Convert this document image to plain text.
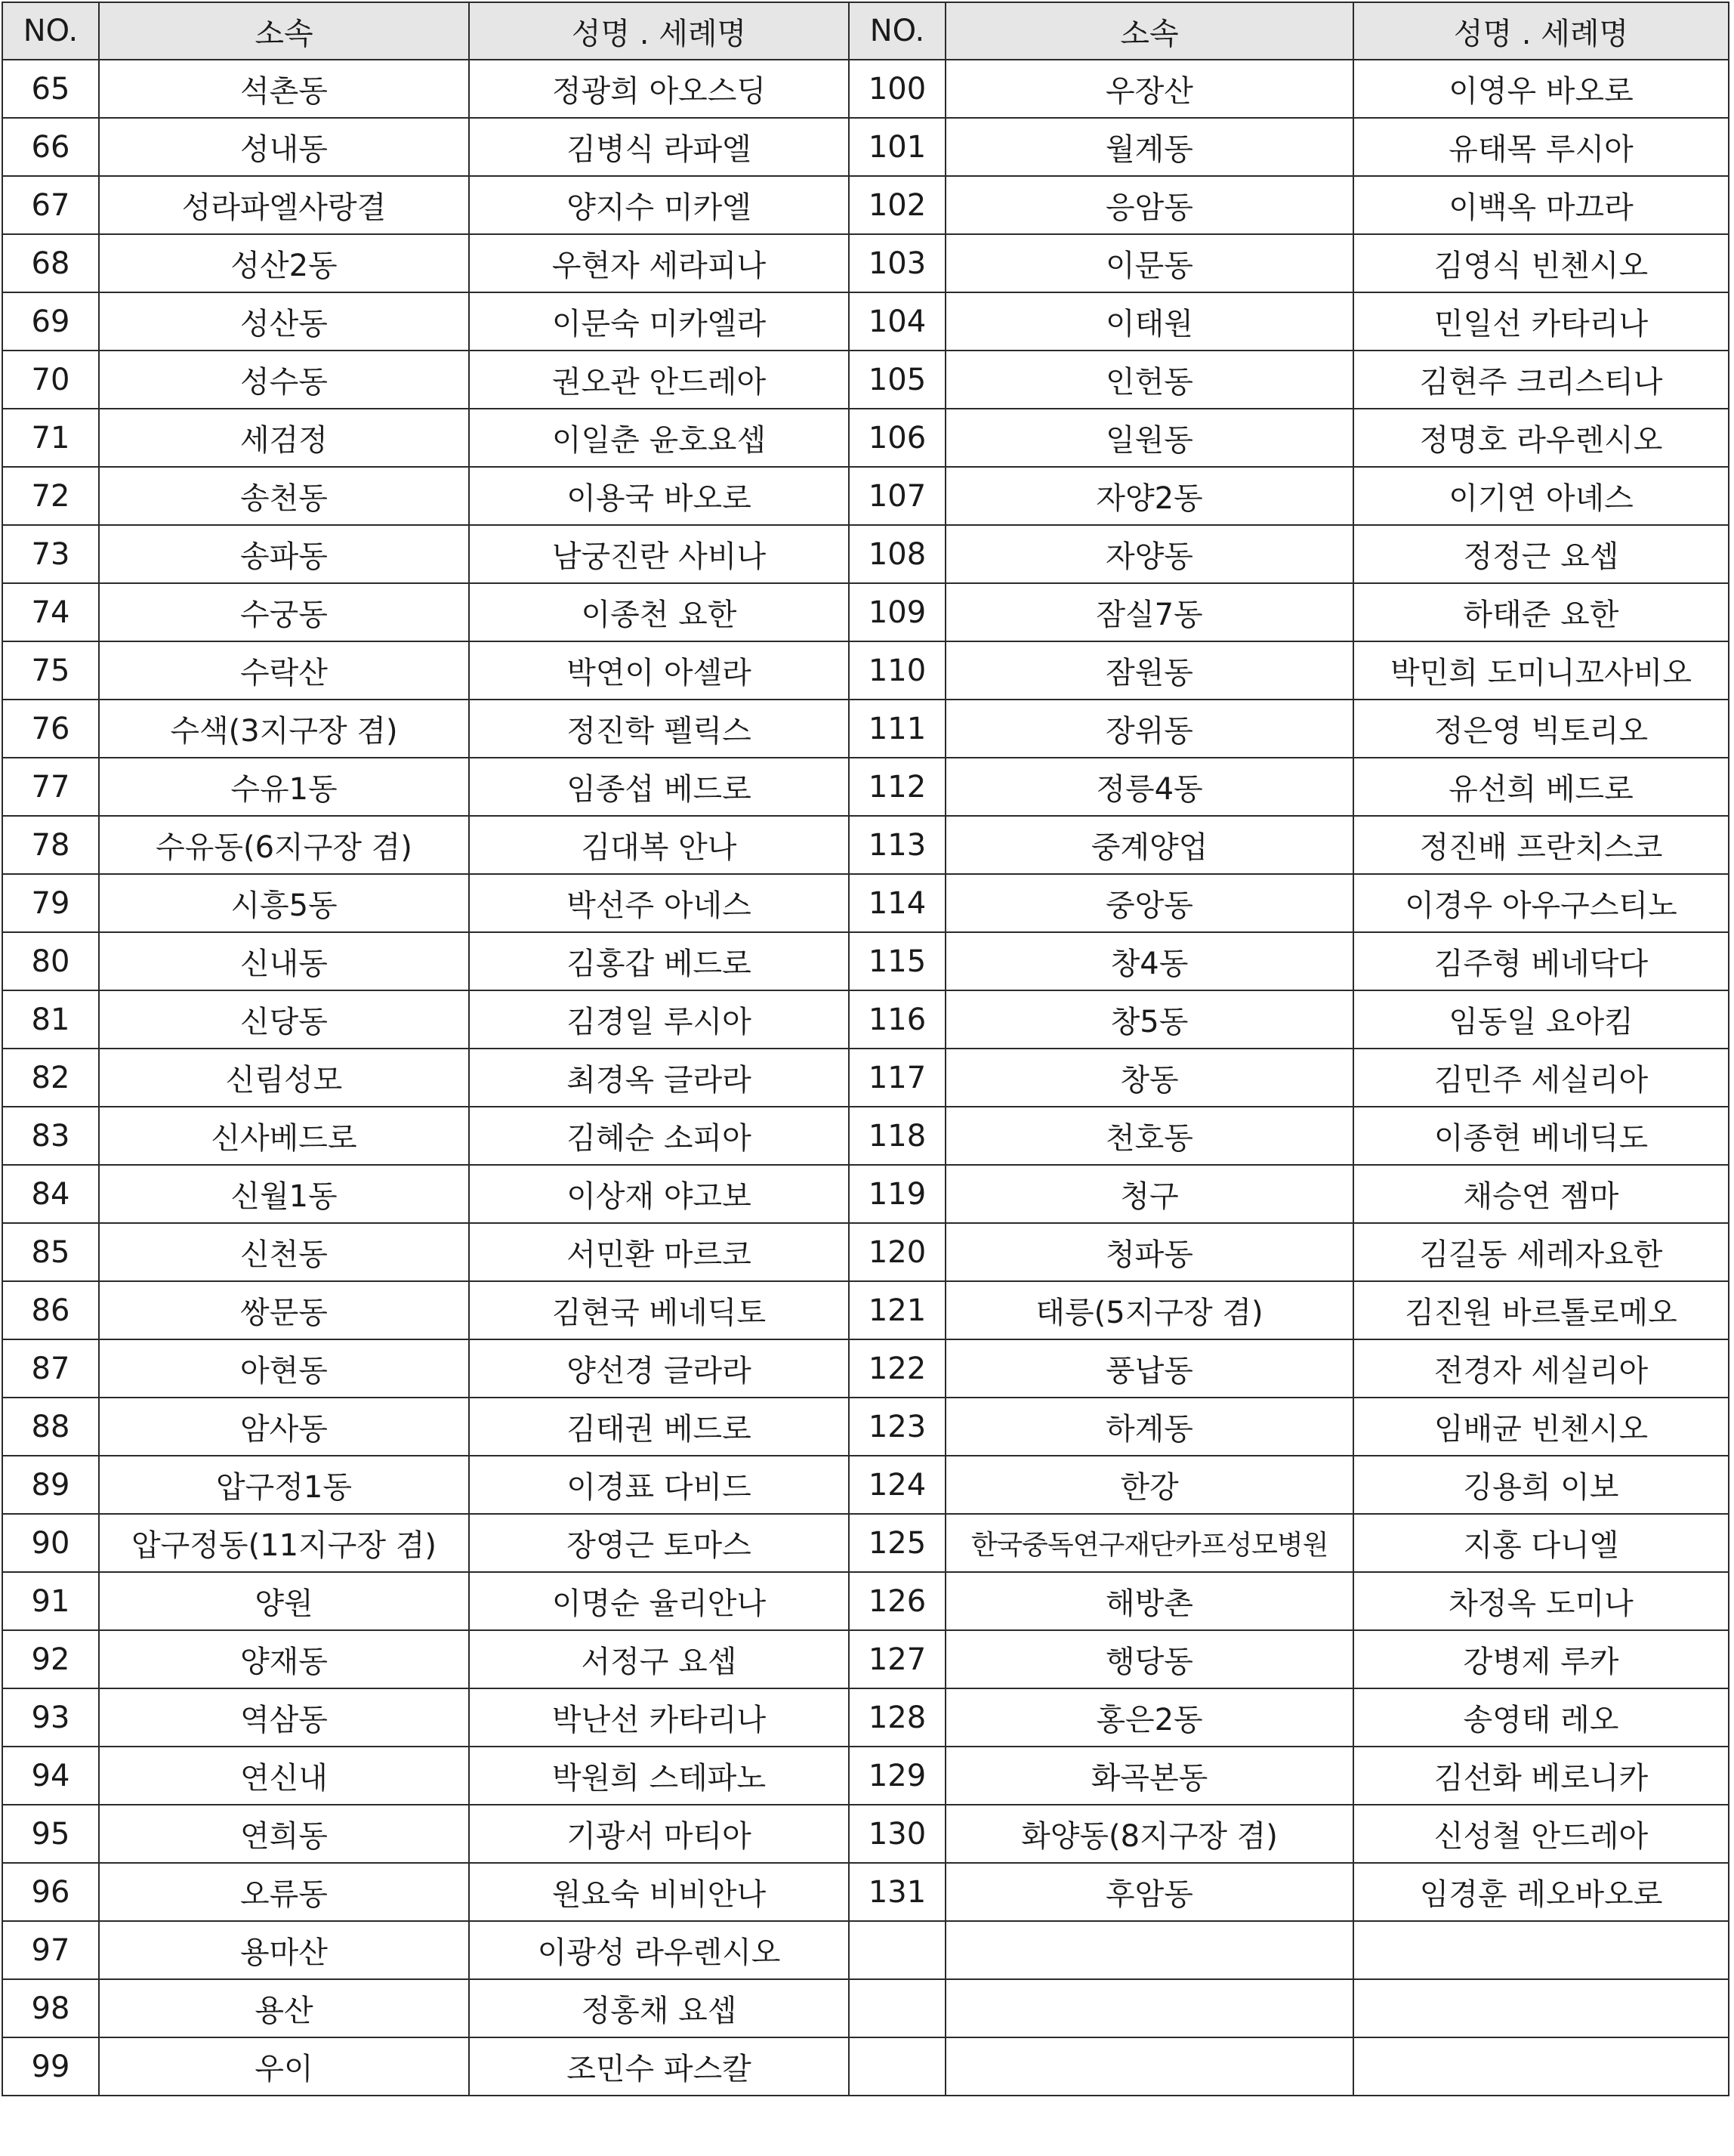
NO.	소속	성명 . 세례명	NO.	소속	성명 . 세례명
65	석촌동	정광희 아오스딩	100	우장산	이영우 바오로
66	성내동	김병식 라파엘	101	월계동	유태목 루시아
67	성라파엘사랑결	양지수 미카엘	102	응암동	이백옥 마끄라
68	성산2동	우현자 세라피나	103	이문동	김영식 빈첸시오
69	성산동	이문숙 미카엘라	104	이태원	민일선 카타리나
70	성수동	권오관 안드레아	105	인헌동	김현주 크리스티나
71	세검정	이일춘 윤호요셉	106	일원동	정명호 라우렌시오
72	송천동	이용국 바오로	107	자양2동	이기연 아녜스
73	송파동	남궁진란 사비나	108	자양동	정정근 요셉
74	수궁동	이종천 요한	109	잠실7동	하태준 요한
75	수락산	박연이 아셀라	110	잠원동	박민희 도미니꼬사비오
76	수색(3지구장 겸)	정진학 펠릭스	111	장위동	정은영 빅토리오
77	수유1동	임종섭 베드로	112	정릉4동	유선희 베드로
78	수유동(6지구장 겸)	김대복 안나	113	중계양업	정진배 프란치스코
79	시흥5동	박선주 아네스	114	중앙동	이경우 아우구스티노
80	신내동	김홍갑 베드로	115	창4동	김주형 베네닥다
81	신당동	김경일 루시아	116	창5동	임동일 요아킴
82	신림성모	최경옥 글라라	117	창동	김민주 세실리아
83	신사베드로	김혜순 소피아	118	천호동	이종현 베네딕도
84	신월1동	이상재 야고보	119	청구	채승연 젬마
85	신천동	서민환 마르코	120	청파동	김길동 세레자요한
86	쌍문동	김현국 베네딕토	121	태릉(5지구장 겸)	김진원 바르톨로메오
87	아현동	양선경 글라라	122	풍납동	전경자 세실리아
88	암사동	김태권 베드로	123	하계동	임배균 빈첸시오
89	압구정1동	이경표 다비드	124	한강	깅용희 이보
90	압구정동(11지구장 겸)	장영근 토마스	125	한국중독연구재단카프성모병원	지홍 다니엘
91	양원	이명순 율리안나	126	해방촌	차정옥 도미나
92	양재동	서정구 요셉	127	행당동	강병제 루카
93	역삼동	박난선 카타리나	128	홍은2동	송영태 레오
94	연신내	박원희 스테파노	129	화곡본동	김선화 베로니카
95	연희동	기광서 마티아	130	화양동(8지구장 겸)	신성철 안드레아
96	오류동	원요숙 비비안나	131	후암동	임경훈 레오바오로
97	용마산	이광성 라우렌시오			
98	용산	정홍채 요셉			
99	우이	조민수 파스칼			
